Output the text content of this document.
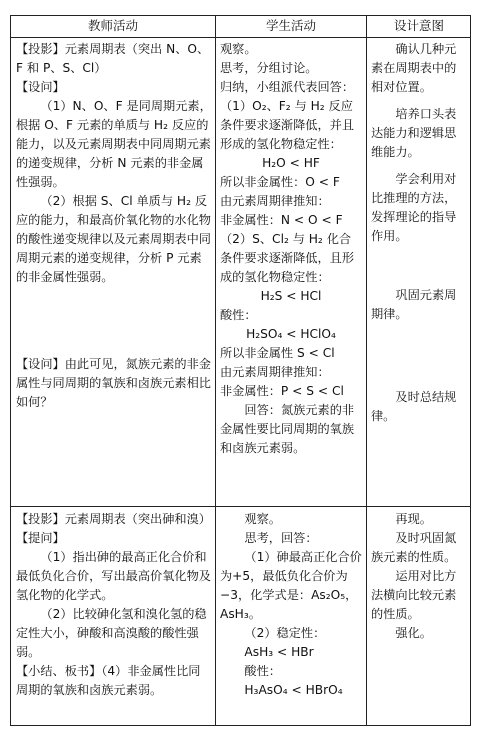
教师活动	学生活动	设计意图

【投影】元素周期表（突出 N、O、F 和 P、S、Cl）

【设问】

（1）N、O、F 是同周期元素，根据 O、F 元素的单质与 H₂ 反应的能力，以及元素周期表中同周期元素的递变规律，分析 N 元素的非金属性强弱。

（2）根据 S、Cl 单质与 H₂ 反应的能力，和最高价氧化物的水化物的酸性递变规律以及元素周期表中同周期元素的递变规律，分析 P 元素的非金属性强弱。

【设问】由此可见，氮族元素的非金属性与同周期的氧族和卤族元素相比如何？

观察。

思考，分组讨论。

归纳，小组派代表回答：

（1）O₂、F₂ 与 H₂ 反应条件要求逐渐降低，并且形成的氢化物稳定性：

H₂O < HF

所以非金属性：O < F

由元素周期律推知：

非金属性：N < O < F

（2）S、Cl₂ 与 H₂ 化合条件要求逐渐降低，且形成的氢化物稳定性：

H₂S < HCl

酸性：

H₂SO₄ < HClO₄

所以非金属性 S < Cl

由元素周期律推知：

非金属性：P < S < Cl

回答：氮族元素的非金属性要比同周期的氧族和卤族元素弱。

确认几种元素在周期表中的相对位置。

培养口头表达能力和逻辑思维能力。

学会利用对比推理的方法，发挥理论的指导作用。

巩固元素周期律。

及时总结规律。

【投影】元素周期表（突出砷和溴）

【提问】

（1）指出砷的最高正化合价和最低负化合价，写出最高价氧化物及氢化物的化学式。

（2）比较砷化氢和溴化氢的稳定性大小，砷酸和高溴酸的酸性强弱。

【小结、板书】（4）非金属性比同周期的氧族和卤族元素弱。

观察。

思考，回答：

（1）砷最高正化合价为+5，最低负化合价为−3，化学式是：As₂O₅，AsH₃。

（2）稳定性：

AsH₃ < HBr

酸性：

H₃AsO₄ < HBrO₄

再现。

及时巩固氮族元素的性质。

运用对比方法横向比较元素的性质。

强化。
